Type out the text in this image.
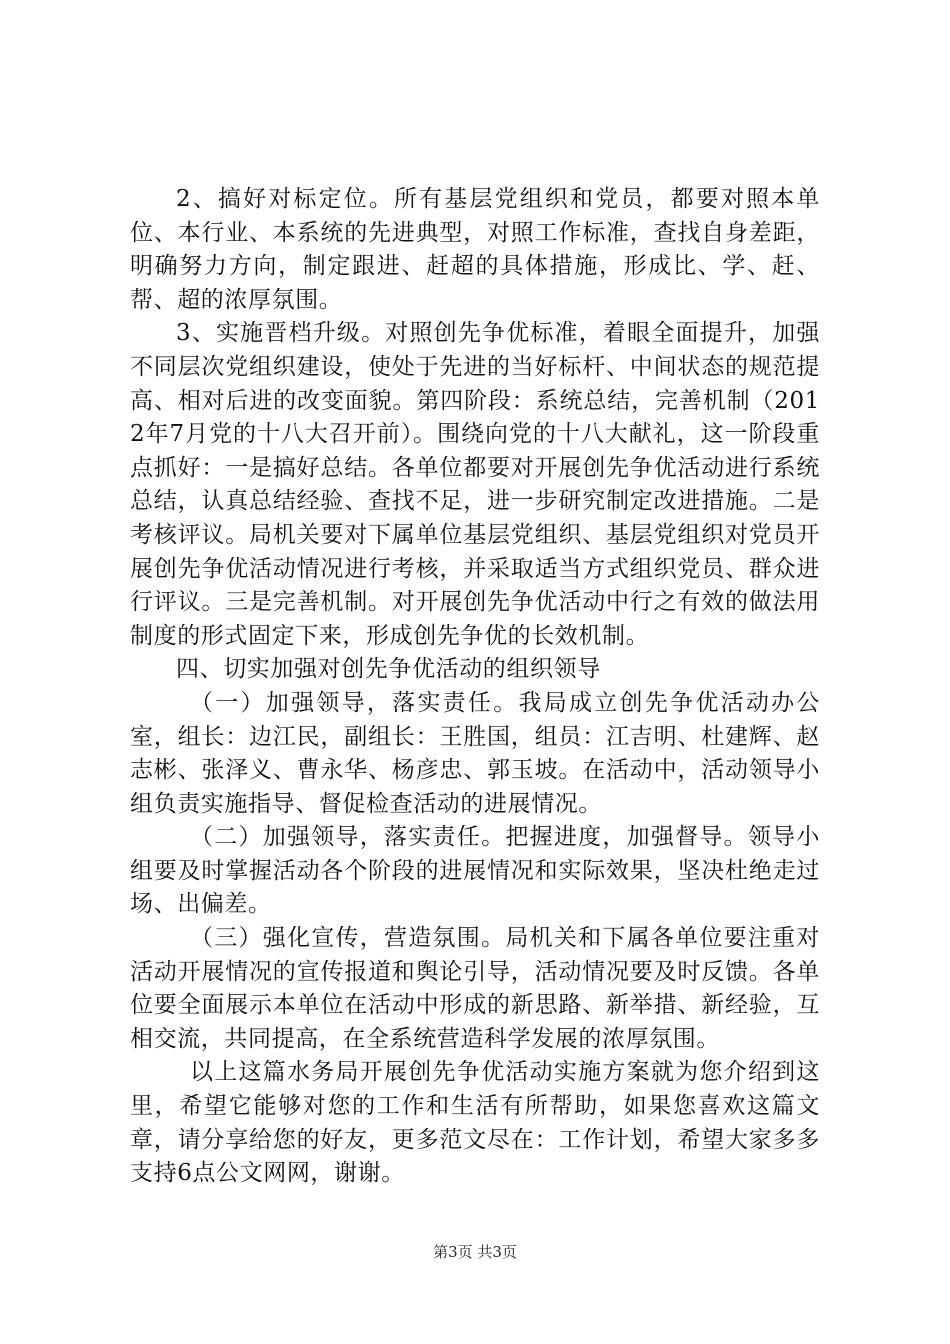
2、搞好对标定位。所有基层党组织和党员，都要对照本单位、本行业、本系统的先进典型，对照工作标准，查找自身差距，明确努力方向，制定跟进、赶超的具体措施，形成比、学、赶、帮、超的浓厚氛围。

3、实施晋档升级。对照创先争优标准，着眼全面提升，加强不同层次党组织建设，使处于先进的当好标杆、中间状态的规范提高、相对后进的改变面貌。第四阶段：系统总结，完善机制（2012年7月党的十八大召开前）。围绕向党的十八大献礼，这一阶段重点抓好：一是搞好总结。各单位都要对开展创先争优活动进行系统总结，认真总结经验、查找不足，进一步研究制定改进措施。二是考核评议。局机关要对下属单位基层党组织、基层党组织对党员开展创先争优活动情况进行考核，并采取适当方式组织党员、群众进行评议。三是完善机制。对开展创先争优活动中行之有效的做法用制度的形式固定下来，形成创先争优的长效机制。

四、切实加强对创先争优活动的组织领导

（一）加强领导，落实责任。我局成立创先争优活动办公室，组长：边江民，副组长：王胜国，组员：江吉明、杜建辉、赵志彬、张泽义、曹永华、杨彦忠、郭玉坡。在活动中，活动领导小组负责实施指导、督促检查活动的进展情况。

（二）加强领导，落实责任。把握进度，加强督导。领导小组要及时掌握活动各个阶段的进展情况和实际效果，坚决杜绝走过场、出偏差。

（三）强化宣传，营造氛围。局机关和下属各单位要注重对活动开展情况的宣传报道和舆论引导，活动情况要及时反馈。各单位要全面展示本单位在活动中形成的新思路、新举措、新经验，互相交流，共同提高，在全系统营造科学发展的浓厚氛围。

以上这篇水务局开展创先争优活动实施方案就为您介绍到这里，希望它能够对您的工作和生活有所帮助，如果您喜欢这篇文章，请分享给您的好友，更多范文尽在：工作计划，希望大家多多支持6点公文网网，谢谢。

第3页 共3页
